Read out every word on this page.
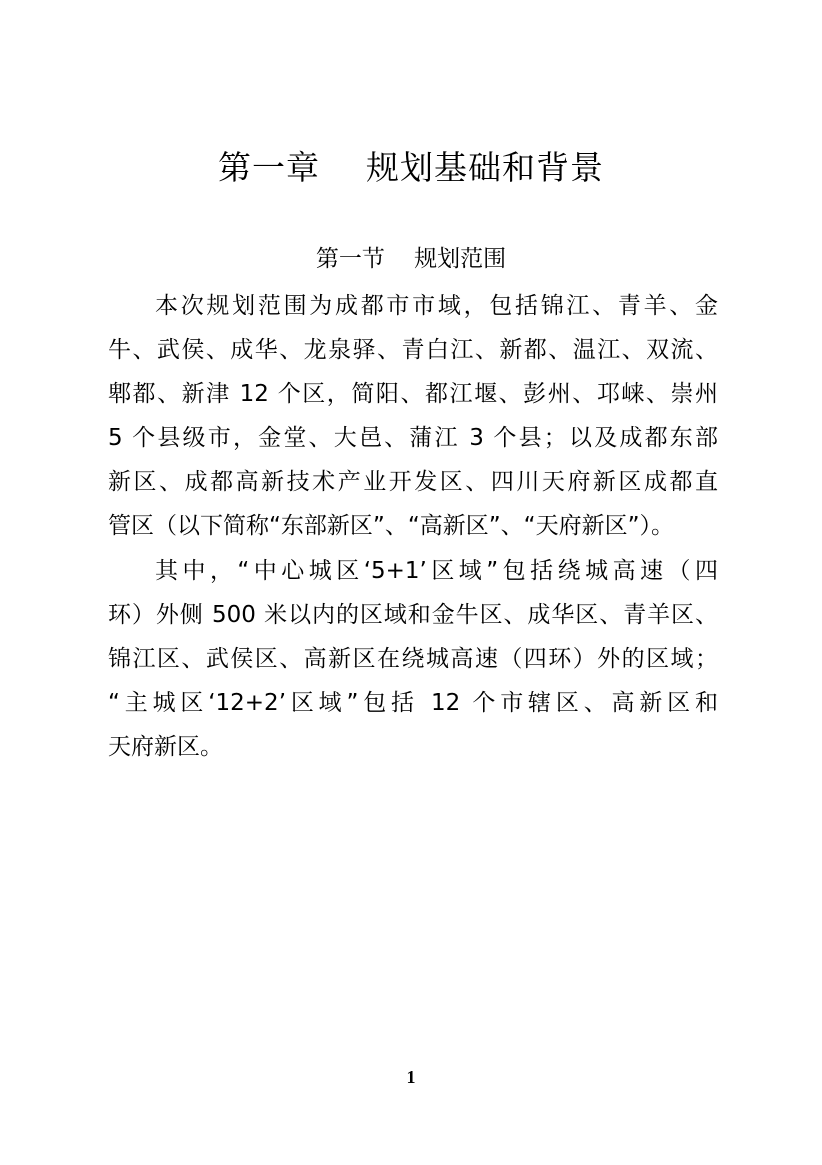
第一章    规划基础和背景
第一节    规划范围
本次规划范围为成都市市域，包括锦江、青羊、金
牛、武侯、成华、龙泉驿、青白江、新都、温江、双流、
郫都、新津 12 个区，简阳、都江堰、彭州、邛崃、崇州
5 个县级市，金堂、大邑、蒲江 3 个县；以及成都东部
新区、成都高新技术产业开发区、四川天府新区成都直
管区（以下简称“东部新区”、“高新区”、“天府新区”）。
其中，“中心城区‘5+1’区域”包括绕城高速（四
环）外侧 500 米以内的区域和金牛区、成华区、青羊区、
锦江区、武侯区、高新区在绕城高速（四环）外的区域；
“主城区‘12+2’区域”包括 12 个市辖区、高新区和
天府新区。
1
